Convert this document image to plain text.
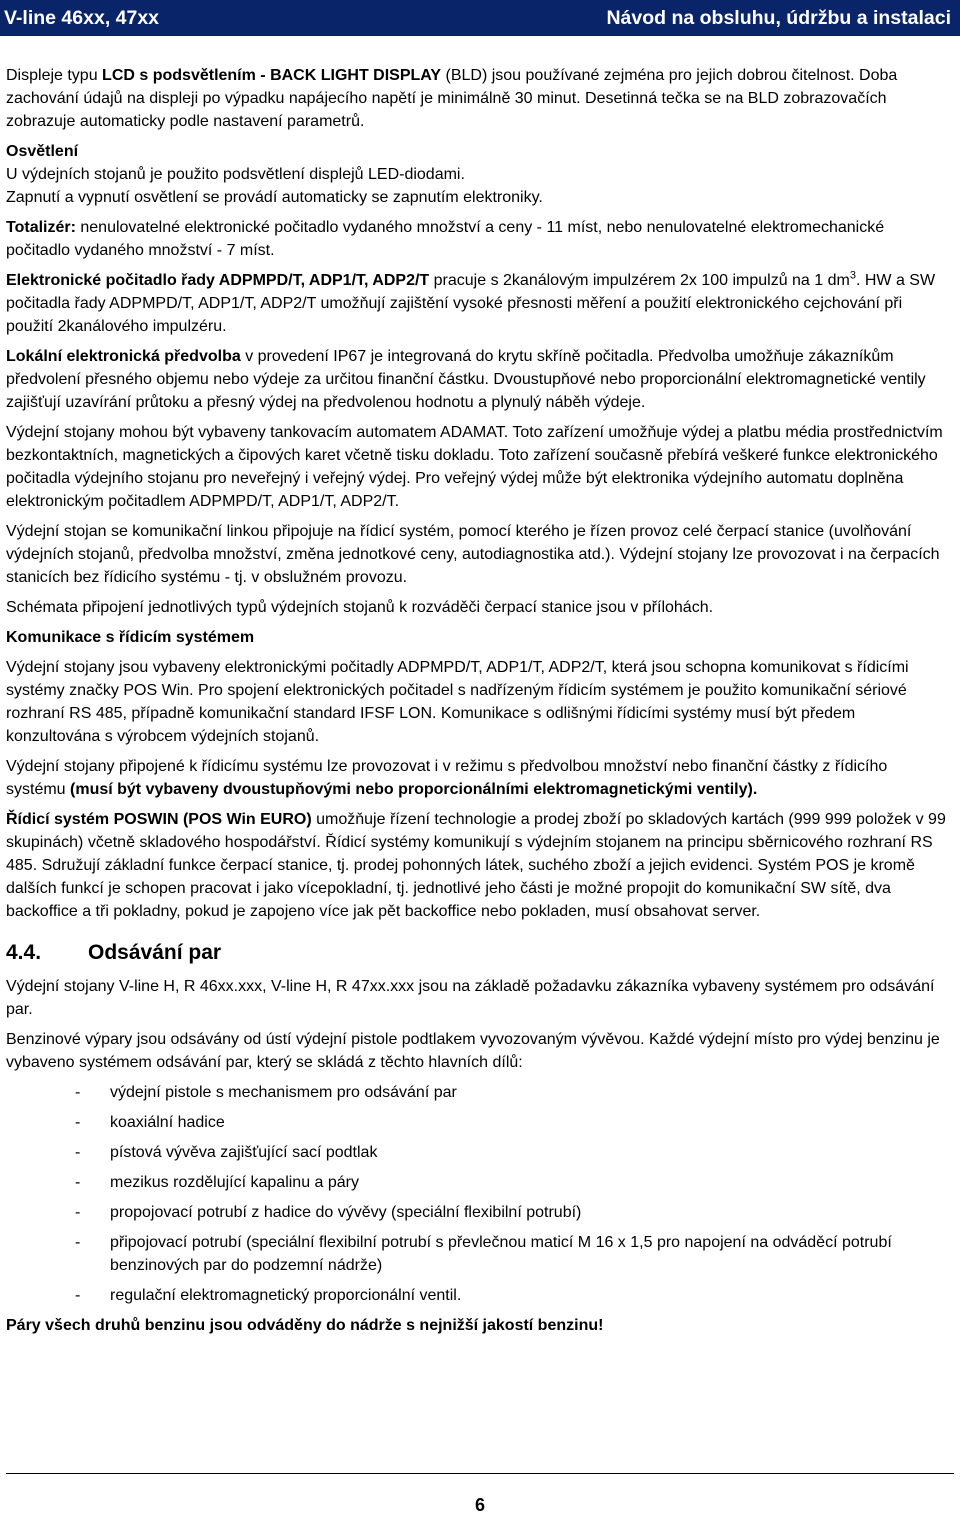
V-line 46xx, 47xx	Návod na obsluhu, údržbu a instalaci

Displeje typu LCD s podsvětlením - BACK LIGHT DISPLAY (BLD) jsou používané zejména pro jejich dobrou čitelnost. Doba zachování údajů na displeji po výpadku napájecího napětí je minimálně 30 minut. Desetinná tečka se na BLD zobrazovačích zobrazuje automaticky podle nastavení parametrů.

Osvětlení

U výdejních stojanů je použito podsvětlení displejů LED-diodami.

Zapnutí a vypnutí osvětlení se provádí automaticky se zapnutím elektroniky.

Totalizér: nenulovatelné elektronické počitadlo vydaného množství a ceny - 11 míst, nebo nenulovatelné elektromechanické počitadlo vydaného množství - 7 míst.

Elektronické počitadlo řady ADPMPD/T, ADP1/T, ADP2/T pracuje s 2kanálovým impulzérem 2x 100 impulzů na 1 $dm^3$. HW a SW počitadla řady ADPMPD/T, ADP1/T, ADP2/T umožňují zajištění vysoké přesnosti měření a použití elektronického cejchování při použití 2kanálového impulzéru.

Lokální elektronická předvolba v provedení IP67 je integrovaná do krytu skříně počitadla. Předvolba umožňuje zákazníkům předvolení přesného objemu nebo výdeje za určitou finanční částku. Dvoustupňové nebo proporcionální elektromagnetické ventily zajišťují uzavírání průtoku a přesný výdej na předvolenou hodnotu a plynulý náběh výdeje.

Výdejní stojany mohou být vybaveny tankovacím automatem ADAMAT. Toto zařízení umožňuje výdej a platbu média prostřednictvím bezkontaktních, magnetických a čipových karet včetně tisku dokladu. Toto zařízení současně přebírá veškeré funkce elektronického počitadla výdejního stojanu pro neveřejný i veřejný výdej. Pro veřejný výdej může být elektronika výdejního automatu doplněna elektronickým počitadlem ADPMPD/T, ADP1/T, ADP2/T.

Výdejní stojan se komunikační linkou připojuje na řídicí systém, pomocí kterého je řízen provoz celé čerpací stanice (uvolňování výdejních stojanů, předvolba množství, změna jednotkové ceny, autodiagnostika atd.). Výdejní stojany lze provozovat i na čerpacích stanicích bez řídicího systému - tj. v obslužném provozu.

Schémata připojení jednotlivých typů výdejních stojanů k rozváděči čerpací stanice jsou v přílohách.

Komunikace s řídicím systémem

Výdejní stojany jsou vybaveny elektronickými počitadly ADPMPD/T, ADP1/T, ADP2/T, která jsou schopna komunikovat s řídicími systémy značky POS Win. Pro spojení elektronických počitadel s nadřízeným řídicím systémem je použito komunikační sériové rozhraní RS 485, případně komunikační standard IFSF LON. Komunikace s odlišnými řídicími systémy musí být předem konzultována s výrobcem výdejních stojanů.

Výdejní stojany připojené k řídicímu systému lze provozovat i v režimu s předvolbou množství nebo finanční částky z řídicího systému (musí být vybaveny dvoustupňovými nebo proporcionálními elektromagnetickými ventily).

Řídicí systém POSWIN (POS Win EURO) umožňuje řízení technologie a prodej zboží po skladových kartách (999 999 položek v 99 skupinách) včetně skladového hospodářství. Řídicí systémy komunikují s výdejním stojanem na principu sběrnicového rozhraní RS 485. Sdružují základní funkce čerpací stanice, tj. prodej pohonných látek, suchého zboží a jejich evidenci. Systém POS je kromě dalších funkcí je schopen pracovat i jako vícepokladní, tj. jednotlivé jeho části je možné propojit do komunikační SW sítě, dva backoffice a tři pokladny, pokud je zapojeno více jak pět backoffice nebo pokladen, musí obsahovat server.

4.4. Odsávání par

Výdejní stojany V-line H, R 46xx.xxx, V-line H, R 47xx.xxx jsou na základě požadavku zákazníka vybaveny systémem pro odsávání par.

Benzinové výpary jsou odsávány od ústí výdejní pistole podtlakem vyvozovaným vývěvou. Každé výdejní místo pro výdej benzinu je vybaveno systémem odsávání par, který se skládá z těchto hlavních dílů:

- výdejní pistole s mechanismem pro odsávání par
- koaxiální hadice
- pístová vývěva zajišťující sací podtlak
- mezikus rozdělující kapalinu a páry
- propojovací potrubí z hadice do vývěvy (speciální flexibilní potrubí)
- připojovací potrubí (speciální flexibilní potrubí s převlečnou maticí M 16 x 1,5 pro napojení na odváděcí potrubí benzinových par do podzemní nádrže)
- regulační elektromagnetický proporcionální ventil.

Páry všech druhů benzinu jsou odváděny do nádrže s nejnižší jakostí benzinu!

6
